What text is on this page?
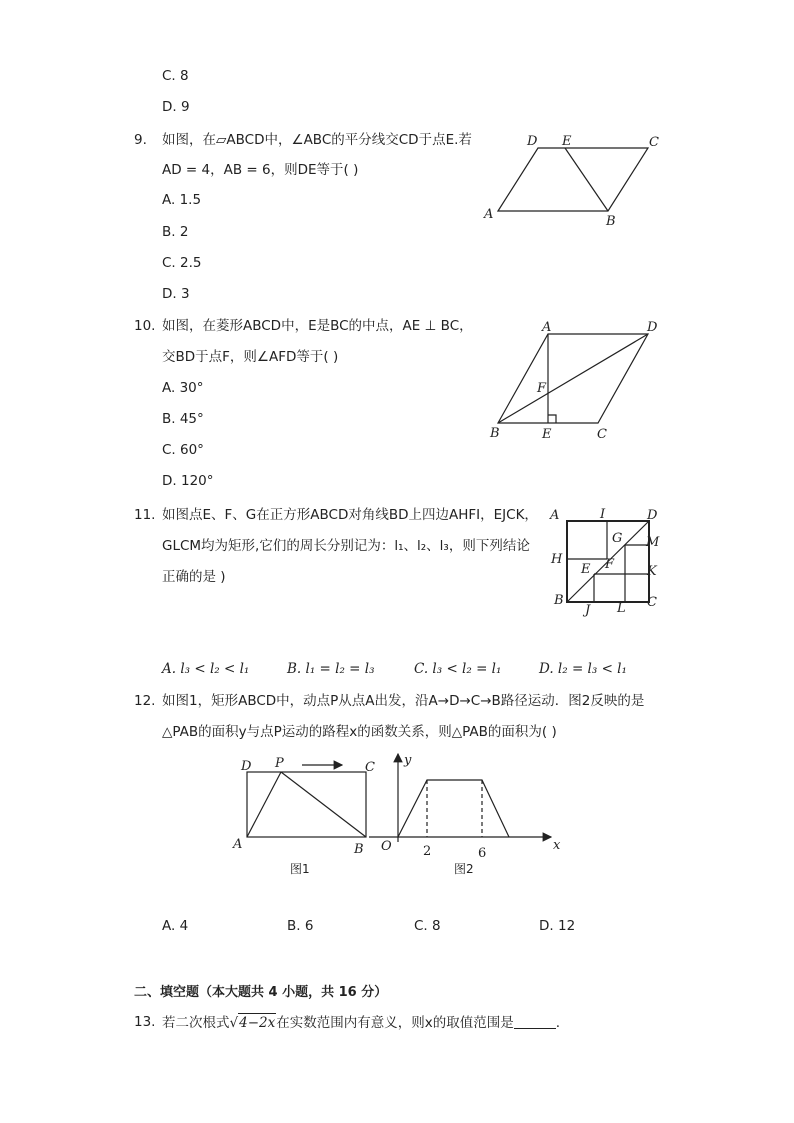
C. 8
D. 9
9. 如图，在▱ABCD中，∠ABC的平分线交CD于点E.若
AD = 4，AB = 6，则DE等于( )
A. 1.5
B. 2
C. 2.5
D. 3
D E	C
A	B
10. 如图，在菱形ABCD中，E是BC的中点，AE ⊥ BC，
交BD于点F，则∠AFD等于( )
A. 30°
B. 45°
C. 60°
D. 120°
A	D
F
B	E	C
11. 如图点E、F、G在正方形ABCD对角线BD上四边AHFI，EJCK，
GLCM均为矩形,它们的周长分别记为：l₁、l₂、l₃，则下列结论
正确的是 )
A	I	D
G M
H
E F	K
B
J L C
A. l₃ < l₂ < l₁	B. l₁ = l₂ = l₃	C. l₃ < l₂ = l₁	D. l₂ = l₃ < l₁
12. 如图1，矩形ABCD中，动点P从点A出发，沿A→D→C→B路径运动．图2反映的是
△PAB的面积y与点P运动的路程x的函数关系，则△PAB的面积为( )
D P	C
A	B
图1
y
O	x
2	6
图2
A. 4	B. 6	C. 8	D. 12
二、填空题（本大题共 4 小题，共 16 分）
13. 若二次根式√4−2x在实数范围内有意义，则x的取值范围是	.
